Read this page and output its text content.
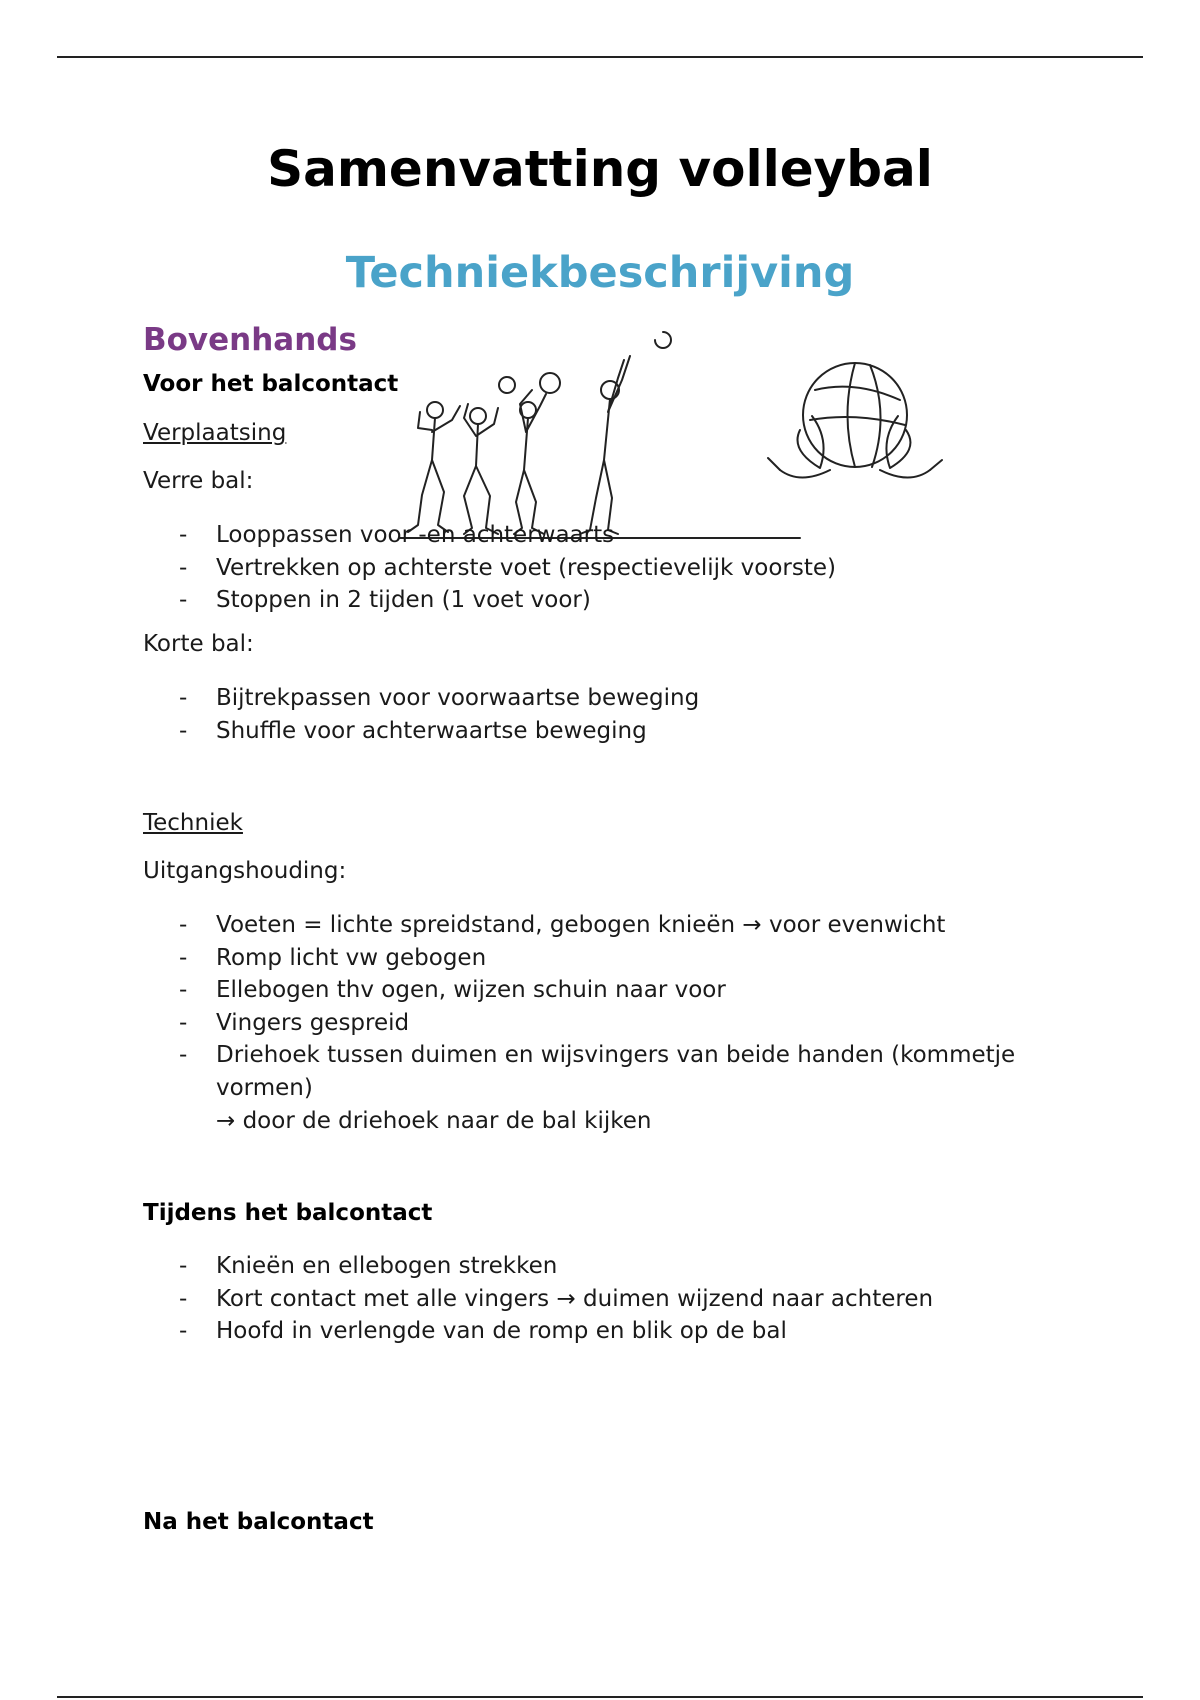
Samenvatting volleybal
Techniekbeschrijving
Bovenhands

Voor het balcontact

Verplaatsing

Verre bal:

- Looppassen voor -en achterwaarts
- Vertrekken op achterste voet (respectievelijk voorste)
- Stoppen in 2 tijden (1 voet voor)

Korte bal:

- Bijtrekpassen voor voorwaartse beweging
- Shuffle voor achterwaartse beweging

Techniek

Uitgangshouding:

- Voeten = lichte spreidstand, gebogen knieën → voor evenwicht
- Romp licht vw gebogen
- Ellebogen thv ogen, wijzen schuin naar voor
- Vingers gespreid
- Driehoek tussen duimen en wijsvingers van beide handen (kommetje
vormen)
→ door de driehoek naar de bal kijken

Tijdens het balcontact

- Knieën en ellebogen strekken
- Kort contact met alle vingers → duimen wijzend naar achteren
- Hoofd in verlengde van de romp en blik op de bal

Na het balcontact
